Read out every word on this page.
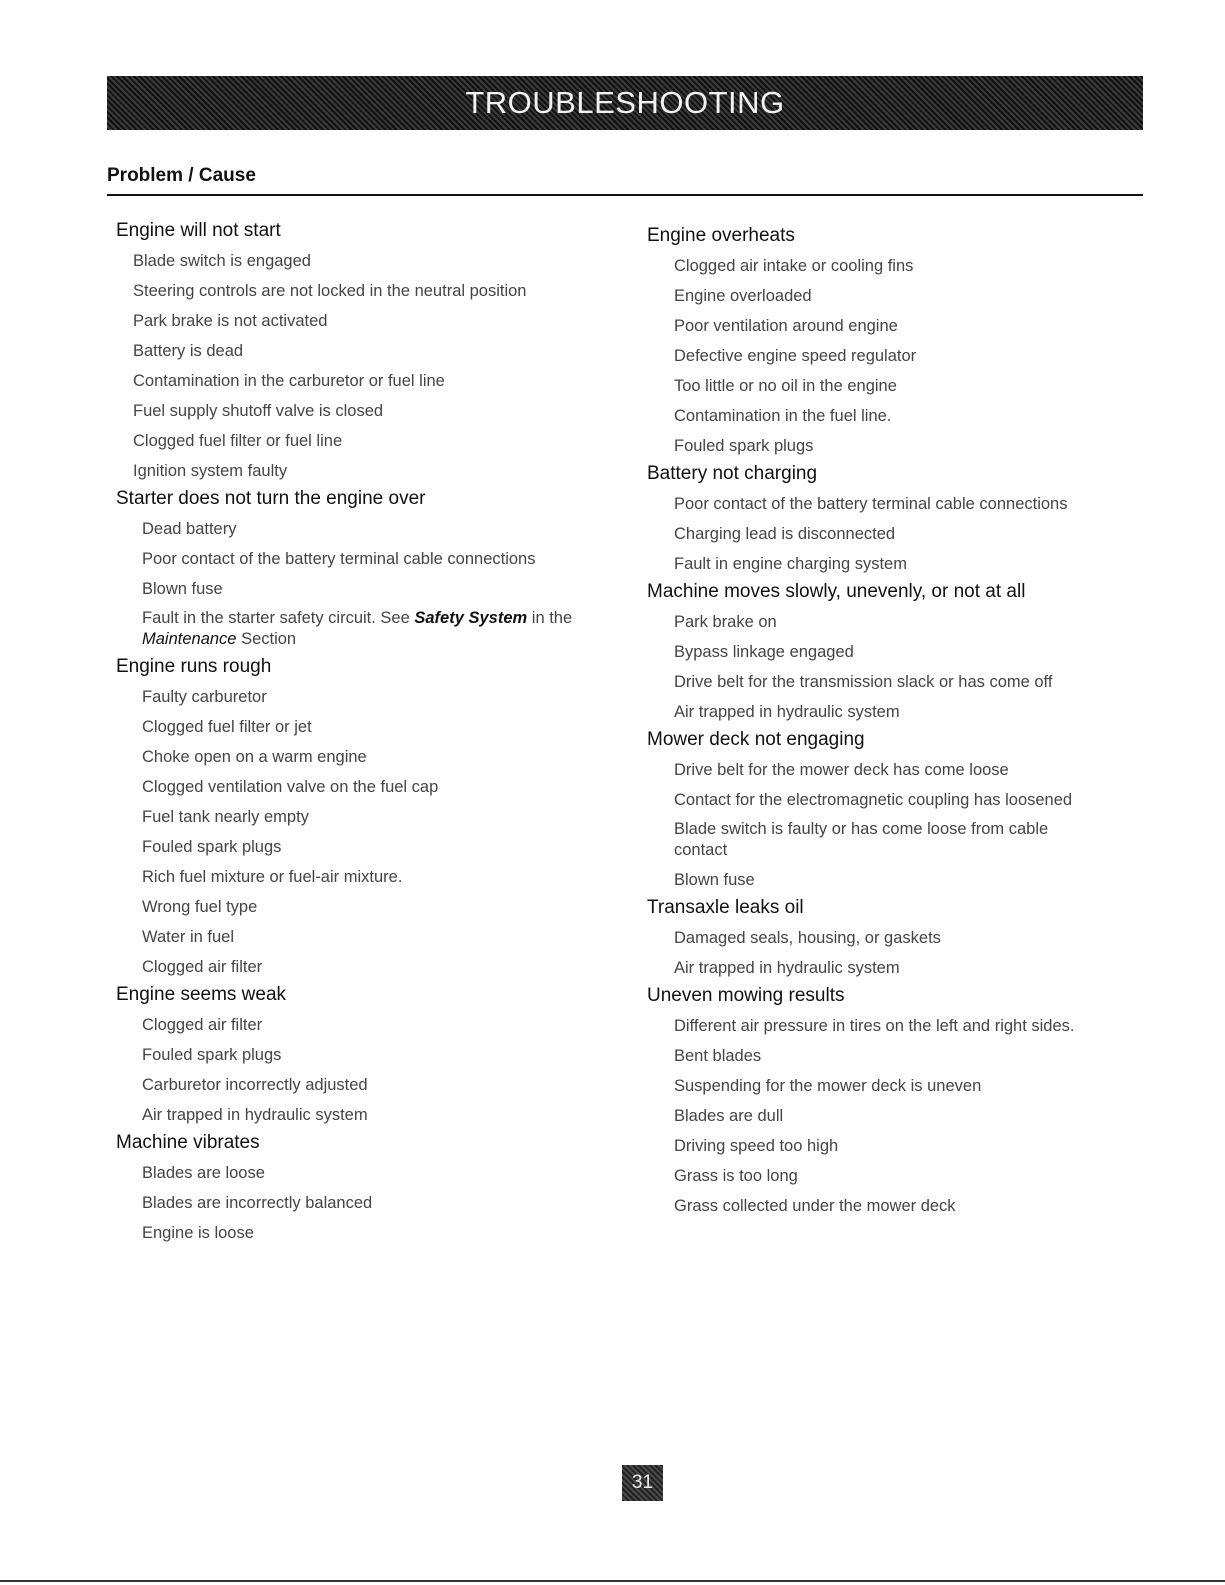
TROUBLESHOOTING
Problem / Cause
Engine will not start
Blade switch is engaged
Steering controls are not locked in the neutral position
Park brake is not activated
Battery is dead
Contamination in the carburetor or fuel line
Fuel supply shutoff valve is closed
Clogged fuel filter or fuel line
Ignition system faulty
Starter does not turn the engine over
Dead battery
Poor contact of the battery terminal cable connections
Blown fuse
Fault in the starter safety circuit. See Safety System in the Maintenance Section
Engine runs rough
Faulty carburetor
Clogged fuel filter or jet
Choke open on a warm engine
Clogged ventilation valve on the fuel cap
Fuel tank nearly empty
Fouled spark plugs
Rich fuel mixture or fuel-air mixture.
Wrong fuel type
Water in fuel
Clogged air filter
Engine seems weak
Clogged air filter
Fouled spark plugs
Carburetor incorrectly adjusted
Air trapped in hydraulic system
Machine vibrates
Blades are loose
Blades are incorrectly balanced
Engine is loose
Engine overheats
Clogged air intake or cooling fins
Engine overloaded
Poor ventilation around engine
Defective engine speed regulator
Too little or no oil in the engine
Contamination in the fuel line.
Fouled spark plugs
Battery not charging
Poor contact of the battery terminal cable connections
Charging lead is disconnected
Fault in engine charging system
Machine moves slowly, unevenly, or not at all
Park brake on
Bypass linkage engaged
Drive belt for the transmission slack or has come off
Air trapped in hydraulic system
Mower deck not engaging
Drive belt for the mower deck has come loose
Contact for the electromagnetic coupling has loosened
Blade switch is faulty or has come loose from cable contact
Blown fuse
Transaxle leaks oil
Damaged seals, housing, or gaskets
Air trapped in hydraulic system
Uneven mowing results
Different air pressure in tires on the left and right sides.
Bent blades
Suspending for the mower deck is uneven
Blades are dull
Driving speed too high
Grass is too long
Grass collected under the mower deck
31
